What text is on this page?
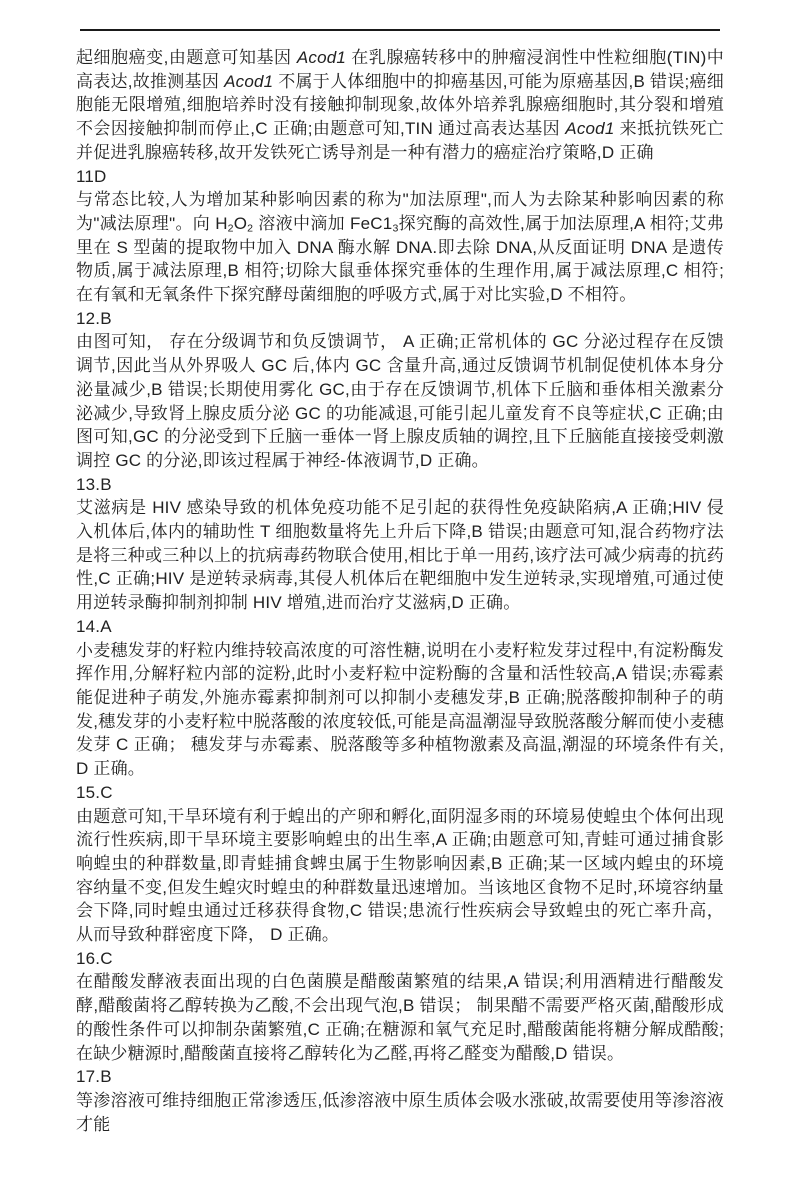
起细胞癌变,由题意可知基因 Acod1 在乳腺癌转移中的肿瘤浸润性中性粒细胞(TIN)中高表达,故推测基因 Acod1 不属于人体细胞中的抑癌基因,可能为原癌基因,B 错误;癌细胞能无限增殖,细胞培养时没有接触抑制现象,故体外培养乳腺癌细胞时,其分裂和增殖不会因接触抑制而停止,C 正确;由题意可知,TIN 通过高表达基因 Acod1 来抵抗铁死亡并促进乳腺癌转移,故开发铁死亡诱导剂是一种有潜力的癌症治疗策略,D 正确
11D
与常态比较,人为增加某种影响因素的称为"加法原理",而人为去除某种影响因素的称为"减法原理"。向 $H_2O_2$ 溶液中滴加 $FeC1_3$探究酶的高效性,属于加法原理,A 相符;艾弗里在 S 型菌的提取物中加入 DNA 酶水解 DNA.即去除 DNA,从反面证明 DNA 是遗传物质,属于减法原理,B 相符;切除大鼠垂体探究垂体的生理作用,属于减法原理,C 相符;在有氧和无氧条件下探究酵母菌细胞的呼吸方式,属于对比实验,D 不相符。
12.B
由图可知， 存在分级调节和负反馈调节， A 正确;正常机体的 GC 分泌过程存在反馈调节,因此当从外界吸人 GC 后,体内 GC 含量升高,通过反馈调节机制促使机体本身分泌量减少,B 错误;长期使用雾化 GC,由于存在反馈调节,机体下丘脑和垂体相关激素分泌减少,导致肾上腺皮质分泌 GC 的功能减退,可能引起儿童发育不良等症状,C 正确;由图可知,GC 的分泌受到下丘脑一垂体一肾上腺皮质轴的调控,且下丘脑能直接接受刺激调控 GC 的分泌,即该过程属于神经-体液调节,D 正确。
13.B
艾滋病是 HIV 感染导致的机体免疫功能不足引起的获得性免疫缺陷病,A 正确;HIV 侵入机体后,体内的辅助性 T 细胞数量将先上升后下降,B 错误;由题意可知,混合药物疗法是将三种或三种以上的抗病毒药物联合使用,相比于单一用药,该疗法可减少病毒的抗药性,C 正确;HIV 是逆转录病毒,其侵人机体后在靶细胞中发生逆转录,实现增殖,可通过使用逆转录酶抑制剂抑制 HIV 增殖,进而治疗艾滋病,D 正确。
14.A
小麦穗发芽的籽粒内维持较高浓度的可溶性糖,说明在小麦籽粒发芽过程中,有淀粉酶发挥作用,分解籽粒内部的淀粉,此时小麦籽粒中淀粉酶的含量和活性较高,A 错误;赤霉素能促进种子萌发,外施赤霉素抑制剂可以抑制小麦穗发芽,B 正确;脱落酸抑制种子的萌发,穗发芽的小麦籽粒中脱落酸的浓度较低,可能是高温潮湿导致脱落酸分解而使小麦穗发芽 C 正确； 穗发芽与赤霉素、脱落酸等多种植物激素及高温,潮湿的环境条件有关,D 正确。
15.C
由题意可知,干旱环境有利于蝗出的产卵和孵化,面阴湿多雨的环境易使蝗虫个体何出现流行性疾病,即干旱环境主要影响蝗虫的出生率,A 正确;由题意可知,青蛙可通过捕食影响蝗虫的种群数量,即青蛙捕食蜱虫属于生物影响因素,B 正确;某一区域内蝗虫的环境容纳量不变,但发生蝗灾时蝗虫的种群数量迅速增加。当该地区食物不足时,环境容纳量会下降,同时蝗虫通过迁移获得食物,C 错误;患流行性疾病会导致蝗虫的死亡率升高， 从而导致种群密度下降， D 正确。
16.C
在醋酸发酵液表面出现的白色菌膜是醋酸菌繁殖的结果,A 错误;利用酒精进行醋酸发酵,醋酸菌将乙醇转换为乙酸,不会出现气泡,B 错误； 制果醋不需要严格灭菌,醋酸形成的酸性条件可以抑制杂菌繁殖,C 正确;在糖源和氧气充足时,醋酸菌能将糖分解成酷酸;在缺少糖源时,醋酸菌直接将乙醇转化为乙醛,再将乙醛变为醋酸,D 错误。
17.B
等渗溶液可维持细胞正常渗透压,低渗溶液中原生质体会吸水涨破,故需要使用等渗溶液才能
